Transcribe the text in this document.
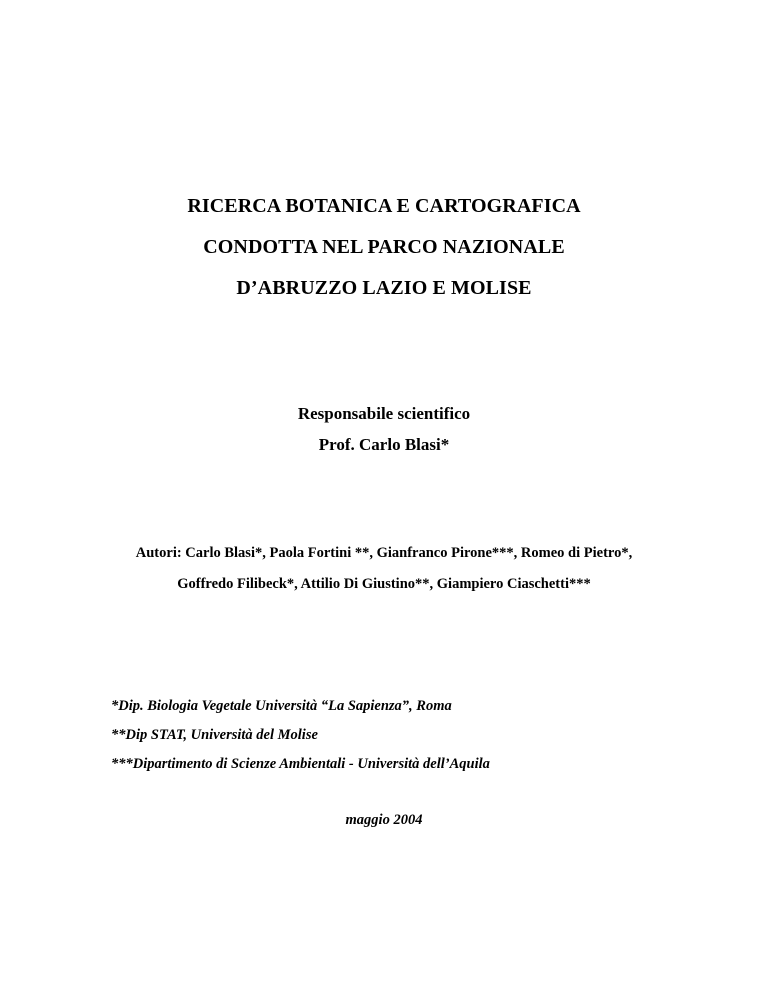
RICERCA BOTANICA E CARTOGRAFICA
CONDOTTA NEL PARCO NAZIONALE
D’ABRUZZO LAZIO E MOLISE
Responsabile scientifico
Prof. Carlo Blasi*
Autori: Carlo Blasi*, Paola Fortini **, Gianfranco Pirone***, Romeo di Pietro*, Goffredo Filibeck*, Attilio Di Giustino**, Giampiero Ciaschetti***
*Dip. Biologia Vegetale Università “La Sapienza”, Roma
**Dip STAT, Università del Molise
***Dipartimento di Scienze Ambientali - Università dell’Aquila
maggio 2004
